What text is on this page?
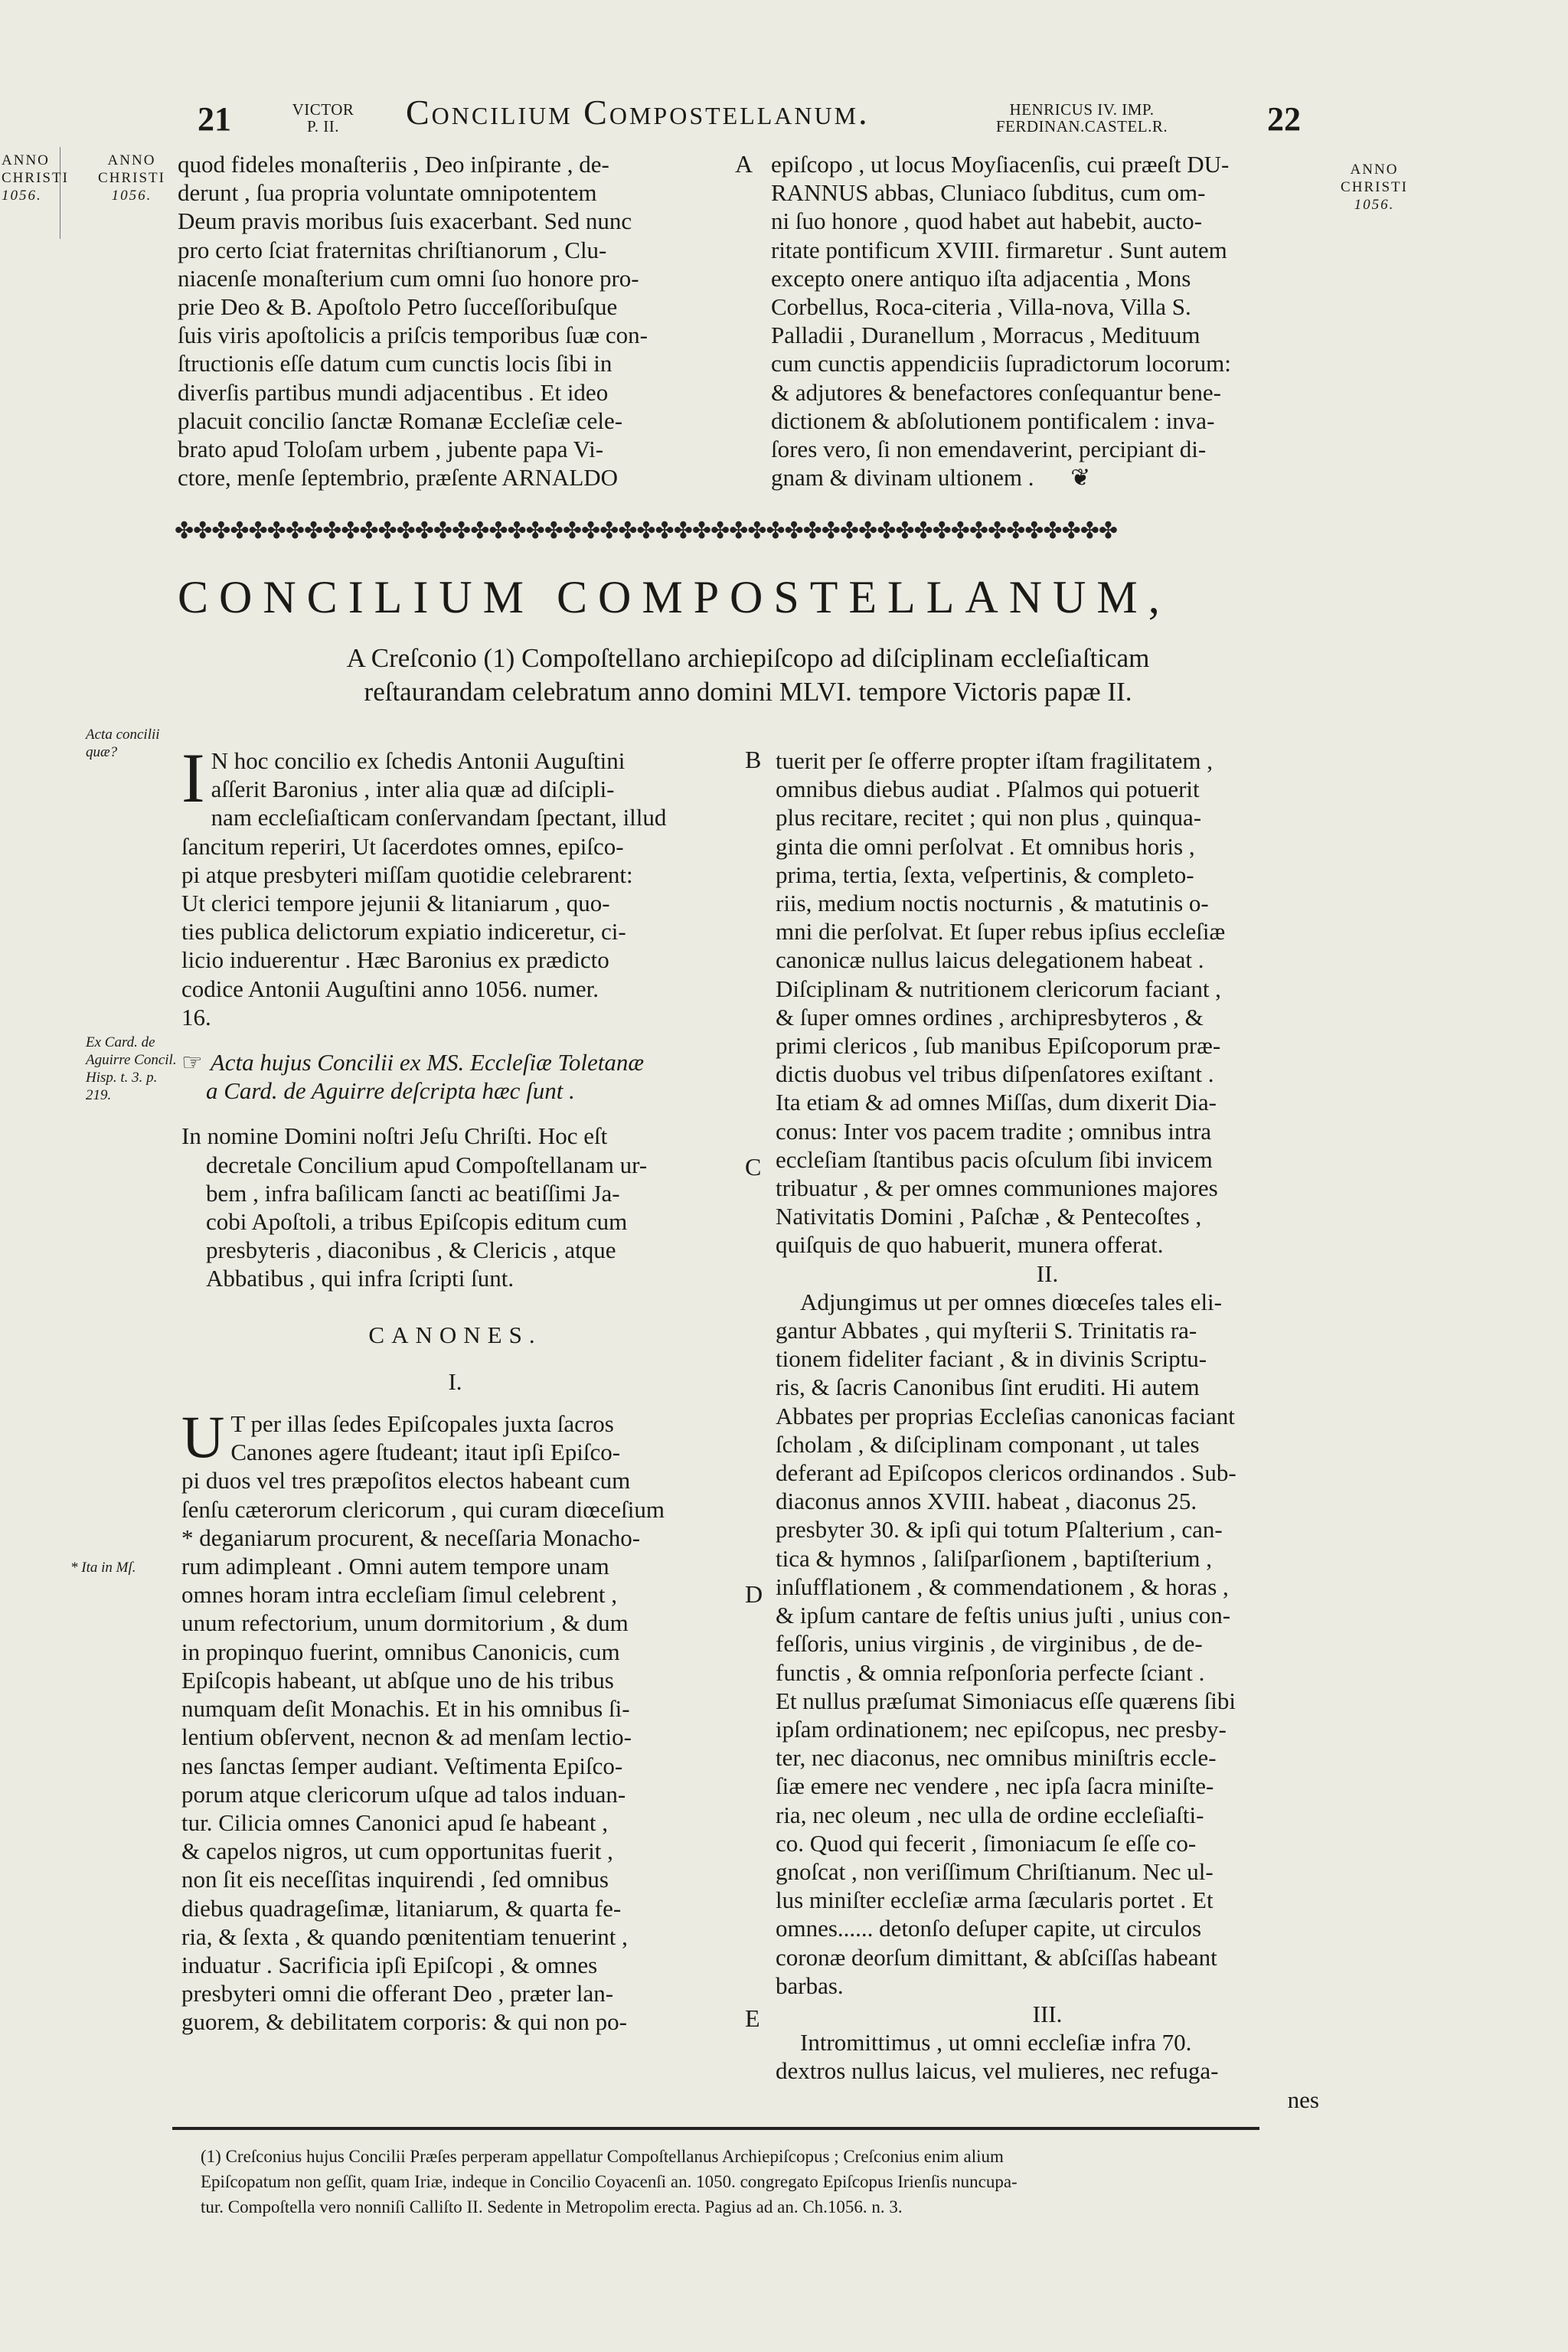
21	VICTOR
P. II.	Concilium Compostellanum.	HENRICUS IV. IMP.
FERDINAN.CASTEL.R.	22
ANNO
CHRISTI
1056.
ANNO
CHRISTI
1056.
ANNO
CHRISTI
1056.

quod fideles monaſteriis , Deo inſpirante , de-

derunt , ſua propria voluntate omnipotentem

Deum pravis moribus ſuis exacerbant. Sed nunc

pro certo ſciat fraternitas chriſtianorum , Clu-

niacenſe monaſterium cum omni ſuo honore pro-

prie Deo & B. Apoſtolo Petro ſucceſſoribuſque

ſuis viris apoſtolicis a priſcis temporibus ſuæ con-

ſtructionis eſſe datum cum cunctis locis ſibi in

diverſis partibus mundi adjacentibus . Et ideo

placuit concilio ſanctæ Romanæ Eccleſiæ cele-

brato apud Toloſam urbem , jubente papa Vi-

ctore, menſe ſeptembrio, præſente ARNALDO

A epiſcopo , ut locus Moyſiacenſis, cui præeſt DU-

RANNUS abbas, Cluniaco ſubditus, cum om-

ni ſuo honore , quod habet aut habebit, aucto-

ritate pontificum XVIII. firmaretur . Sunt autem

excepto onere antiquo iſta adjacentia , Mons

Corbellus, Roca-citeria , Villa-nova, Villa S.

Palladii , Duranellum , Morracus , Medituum

cum cunctis appendiciis ſupradictorum locorum:

& adjutores & benefactores conſequantur bene-

dictionem & abſolutionem pontificalem : inva-

ſores vero, ſi non emendaverint, percipiant di-

gnam & divinam ultionem . ❦

✤✤✤✤✤✤✤✤✤✤✤✤✤✤✤✤✤✤✤✤✤✤✤✤✤✤✤✤✤✤✤✤✤✤✤✤✤✤✤✤✤✤✤✤✤✤✤✤✤✤✤
CONCILIUM COMPOSTELLANUM,
A Creſconio (1) Compoſtellano archiepiſcopo ad diſciplinam eccleſiaſticam
reſtaurandam celebratum anno domini MLVI. tempore Victoris papæ II.
Acta concilii quæ?
Ex Card. de Aguirre Concil. Hisp. t. 3. p. 219.
* Ita in Mſ.
B
C
D
E
I N hoc concilio ex ſchedis Antonii Auguſtini

aſſerit Baronius , inter alia quæ ad diſcipli-

nam eccleſiaſticam conſervandam ſpectant, illud

ſancitum reperiri, Ut ſacerdotes omnes, epiſco-

pi atque presbyteri miſſam quotidie celebrarent:

Ut clerici tempore jejunii & litaniarum , quo-

ties publica delictorum expiatio indiceretur, ci-

licio induerentur . Hæc Baronius ex prædicto

codice Antonii Auguſtini anno 1056. numer.

16.

☞ Acta hujus Concilii ex MS. Eccleſiæ Toletanæ

a Card. de Aguirre deſcripta hæc ſunt .

In nomine Domini noſtri Jeſu Chriſti. Hoc eſt

decretale Concilium apud Compoſtellanam ur-

bem , infra baſilicam ſancti ac beatiſſimi Ja-

cobi Apoſtoli, a tribus Epiſcopis editum cum

presbyteris , diaconibus , & Clericis , atque

Abbatibus , qui infra ſcripti ſunt.

CANONES.
I.
U T per illas ſedes Epiſcopales juxta ſacros

Canones agere ſtudeant; itaut ipſi Epiſco-

pi duos vel tres præpoſitos electos habeant cum

ſenſu cæterorum clericorum , qui curam diœceſium

* deganiarum procurent, & neceſſaria Monacho-

rum adimpleant . Omni autem tempore unam

omnes horam intra eccleſiam ſimul celebrent ,

unum refectorium, unum dormitorium , & dum

in propinquo fuerint, omnibus Canonicis, cum

Epiſcopis habeant, ut abſque uno de his tribus

numquam deſit Monachis. Et in his omnibus ſi-

lentium obſervent, necnon & ad menſam lectio-

nes ſanctas ſemper audiant. Veſtimenta Epiſco-

porum atque clericorum uſque ad talos induan-

tur. Cilicia omnes Canonici apud ſe habeant ,

& capelos nigros, ut cum opportunitas fuerit ,

non ſit eis neceſſitas inquirendi , ſed omnibus

diebus quadrageſimæ, litaniarum, & quarta fe-

ria, & ſexta , & quando pœnitentiam tenuerint ,

induatur . Sacrificia ipſi Epiſcopi , & omnes

presbyteri omni die offerant Deo , præter lan-

guorem, & debilitatem corporis: & qui non po-

tuerit per ſe offerre propter iſtam fragilitatem ,

omnibus diebus audiat . Pſalmos qui potuerit

plus recitare, recitet ; qui non plus , quinqua-

ginta die omni perſolvat . Et omnibus horis ,

prima, tertia, ſexta, veſpertinis, & completo-

riis, medium noctis nocturnis , & matutinis o-

mni die perſolvat. Et ſuper rebus ipſius eccleſiæ

canonicæ nullus laicus delegationem habeat .

Diſciplinam & nutritionem clericorum faciant ,

& ſuper omnes ordines , archipresbyteros , &

primi clericos , ſub manibus Epiſcoporum præ-

dictis duobus vel tribus diſpenſatores exiſtant .

Ita etiam & ad omnes Miſſas, dum dixerit Dia-

conus: Inter vos pacem tradite ; omnibus intra

eccleſiam ſtantibus pacis oſculum ſibi invicem

tribuatur , & per omnes communiones majores

Nativitatis Domini , Paſchæ , & Pentecoſtes ,

quiſquis de quo habuerit, munera offerat.

II.

Adjungimus ut per omnes diœceſes tales eli-

gantur Abbates , qui myſterii S. Trinitatis ra-

tionem fideliter faciant , & in divinis Scriptu-

ris, & ſacris Canonibus ſint eruditi. Hi autem

Abbates per proprias Eccleſias canonicas faciant

ſcholam , & diſciplinam componant , ut tales

deferant ad Epiſcopos clericos ordinandos . Sub-

diaconus annos XVIII. habeat , diaconus 25.

presbyter 30. & ipſi qui totum Pſalterium , can-

tica & hymnos , ſaliſparſionem , baptiſterium ,

inſufflationem , & commendationem , & horas ,

& ipſum cantare de feſtis unius juſti , unius con-

feſſoris, unius virginis , de virginibus , de de-

functis , & omnia reſponſoria perfecte ſciant .

Et nullus præſumat Simoniacus eſſe quærens ſibi

ipſam ordinationem; nec epiſcopus, nec presby-

ter, nec diaconus, nec omnibus miniſtris eccle-

ſiæ emere nec vendere , nec ipſa ſacra miniſte-

ria, nec oleum , nec ulla de ordine eccleſiaſti-

co. Quod qui fecerit , ſimoniacum ſe eſſe co-

gnoſcat , non veriſſimum Chriſtianum. Nec ul-

lus miniſter eccleſiæ arma ſæcularis portet . Et

omnes...... detonſo deſuper capite, ut circulos

coronæ deorſum dimittant, & abſciſſas habeant

barbas.

III.

Intromittimus , ut omni eccleſiæ infra 70.

dextros nullus laicus, vel mulieres, nec refuga-

nes

(1) Creſconius hujus Concilii Præſes perperam appellatur Compoſtellanus Archiepiſcopus ; Creſconius enim alium
Epiſcopatum non geſſit, quam Iriæ, indeque in Concilio Coyacenſi an. 1050. congregato Epiſcopus Irienſis nuncupa-
tur. Compoſtella vero nonniſi Calliſto II. Sedente in Metropolim erecta. Pagius ad an. Ch.1056. n. 3.
